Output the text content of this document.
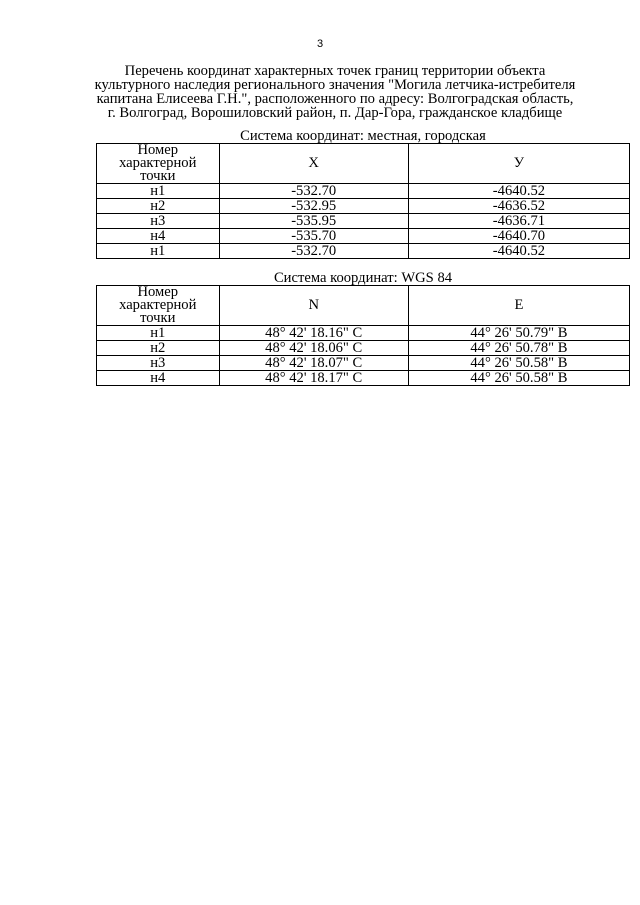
3
Перечень координат характерных точек границ территории объекта
культурного наследия регионального значения "Могила летчика-истребителя
капитана Елисеева Г.Н.", расположенного по адресу: Волгоградская область,
г. Волгоград, Ворошиловский район, п. Дар-Гора, гражданское кладбище
Система координат: местная, городская
Номер
характерной
точки	X	У
н1	-532.70	-4640.52
н2	-532.95	-4636.52
н3	-535.95	-4636.71
н4	-535.70	-4640.70
н1	-532.70	-4640.52
Система координат: WGS 84
Номер
характерной
точки	N	E
н1	48° 42' 18.16" С	44° 26' 50.79" В
н2	48° 42' 18.06" С	44° 26' 50.78" В
н3	48° 42' 18.07" С	44° 26' 50.58" В
н4	48° 42' 18.17" С	44° 26' 50.58" В
